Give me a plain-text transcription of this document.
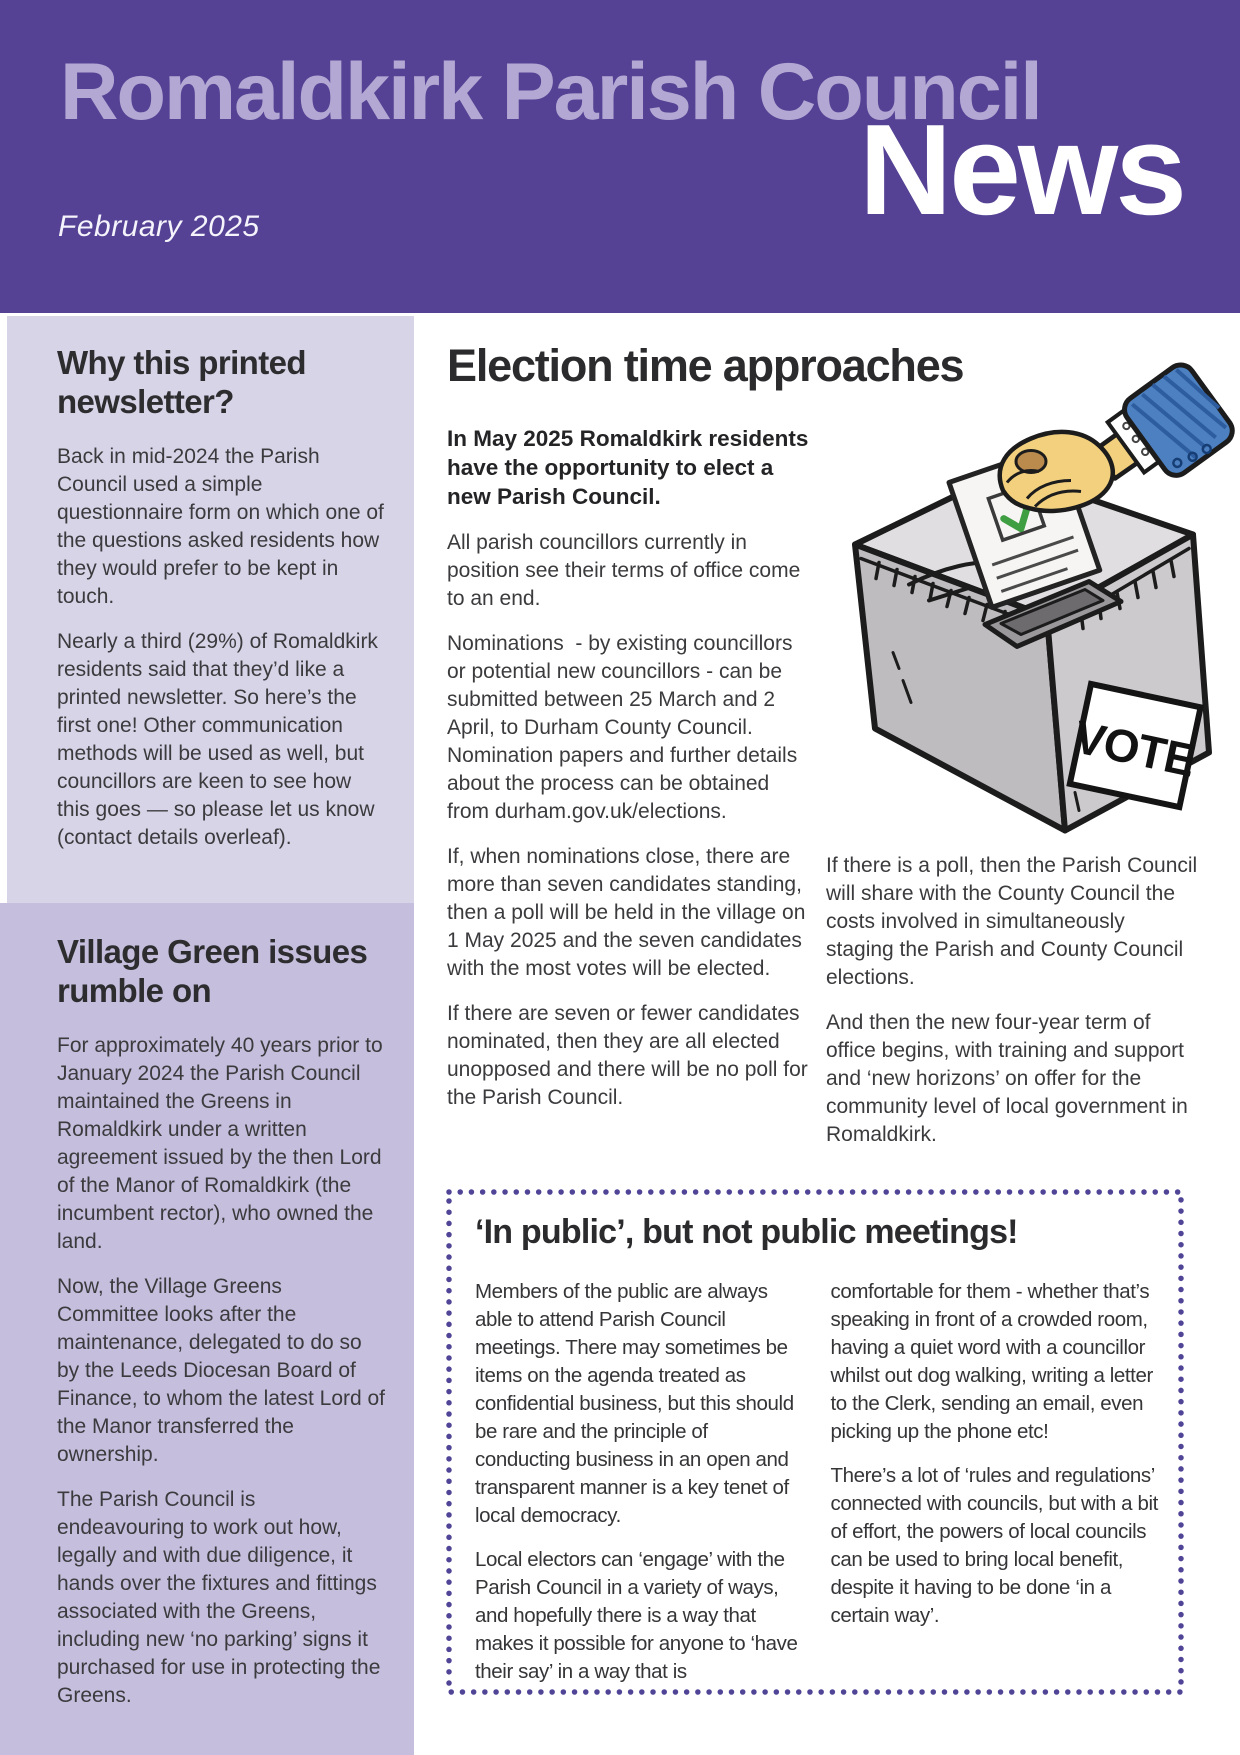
Romaldkirk Parish Council
News
February 2025
Why this printed newsletter?

Back in mid-2024 the Parish Council used a simple questionnaire form on which one of the questions asked residents how they would prefer to be kept in touch.

Nearly a third (29%) of Romaldkirk residents said that they’d like a printed newsletter. So here’s the first one! Other communication methods will be used as well, but councillors are keen to see how this goes — so please let us know (contact details overleaf).

Village Green issues rumble on

For approximately 40 years prior to January 2024 the Parish Council maintained the Greens in Romaldkirk under a written agreement issued by the then Lord of the Manor of Romaldkirk (the incumbent rector), who owned the land.

Now, the Village Greens Committee looks after the maintenance, delegated to do so by the Leeds Diocesan Board of Finance, to whom the latest Lord of the Manor transferred the ownership.

The Parish Council is endeavouring to work out how, legally and with due diligence, it hands over the fixtures and fittings associated with the Greens, including new ‘no parking’ signs it purchased for use in protecting the Greens.

Election time approaches

In May 2025 Romaldkirk residents have the opportunity to elect a new Parish Council.

All parish councillors currently in position see their terms of office come to an end.

Nominations  - by existing councillors or potential new councillors - can be submitted between 25 March and 2 April, to Durham County Council. Nomination papers and further details about the process can be obtained from durham.gov.uk/elections.

If, when nominations close, there are more than seven candidates standing, then a poll will be held in the village on 1 May 2025 and the seven candidates with the most votes will be elected.

If there are seven or fewer candidates nominated, then they are all elected unopposed and there will be no poll for the Parish Council.

VOTE

If there is a poll, then the Parish Council will share with the County Council the costs involved in simultaneously staging the Parish and County Council elections.

And then the new four-year term of office begins, with training and support and ‘new horizons’ on offer for the community level of local government in Romaldkirk.

‘In public’, but not public meetings!

Members of the public are always able to attend Parish Council meetings. There may sometimes be items on the agenda treated as confidential business, but this should be rare and the principle of conducting business in an open and transparent manner is a key tenet of local democracy.

Local electors can ‘engage’ with the Parish Council in a variety of ways, and hopefully there is a way that makes it possible for anyone to ‘have their say’ in a way that is

comfortable for them - whether that’s speaking in front of a crowded room, having a quiet word with a councillor whilst out dog walking, writing a letter to the Clerk, sending an email, even picking up the phone etc!

There’s a lot of ‘rules and regulations’ connected with councils, but with a bit of effort, the powers of local councils can be used to bring local benefit, despite it having to be done ‘in a certain way’.
